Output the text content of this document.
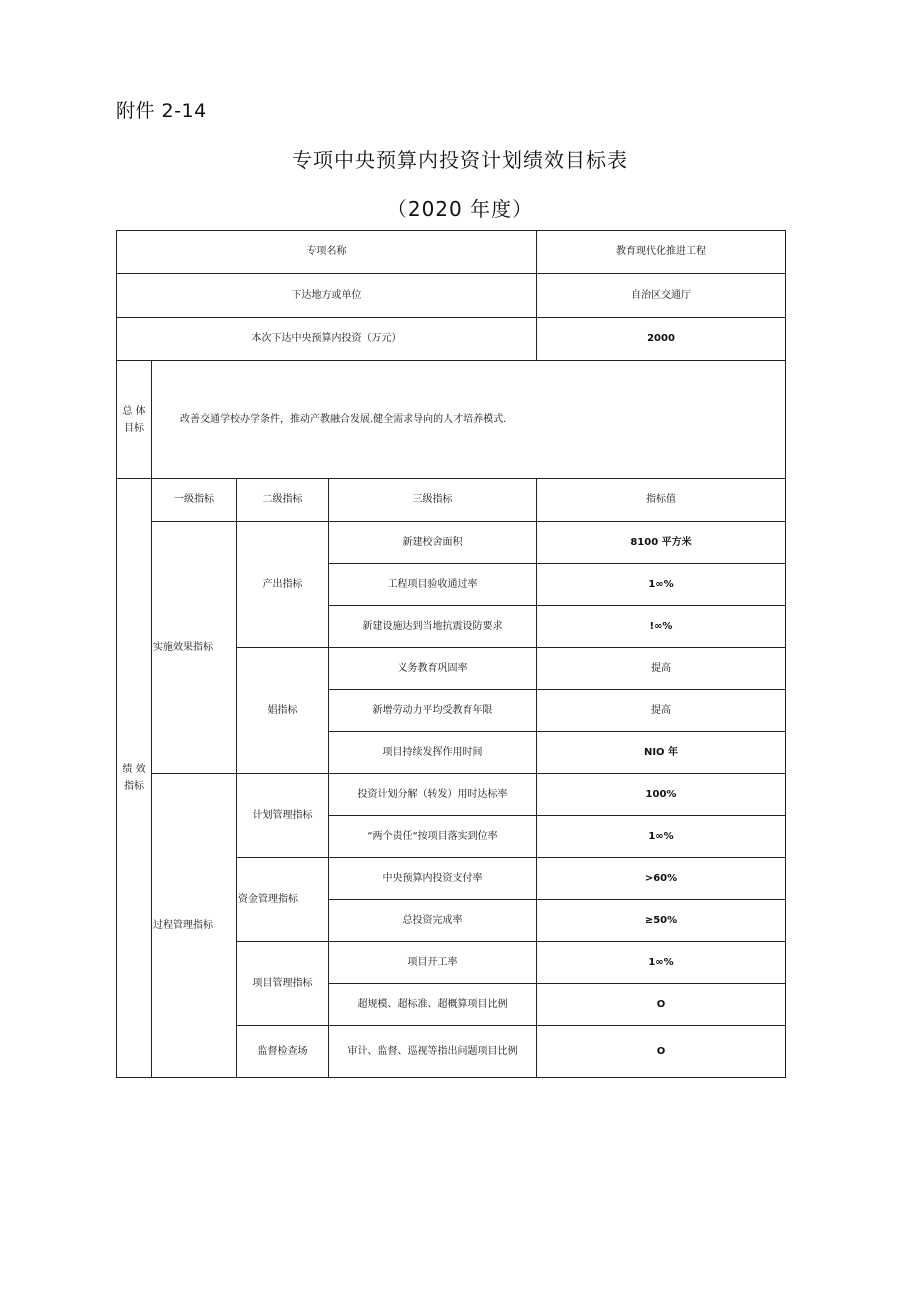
附件 2-14
专项中央预算内投资计划绩效目标表
（2020 年度）
专项名称				教育现代化推进工程
下达地方或单位				自治区交通厅
本次下达中央预算内投资（万元）				2000
总 体
目标	改善交通学校办学条件，推动产教融合发展.健全需求导向的人才培养模式.			
绩 效
指标	一级指标	二级指标	三级指标	指标值
	实施效果指标	产出指标	新建校舍面积	8100 平方米
			工程项目验收通过率	1∞%
			新建设施达到当地抗震设防要求	!∞%
		娼指标	义务教育巩固率	提高
			新增劳动力平均受教育年限	提高
			项目持续发挥作用时间	NIO 年
	过程管理指标	计划管理指标	投资计划分解（转发）用时达标率	100%
			“两个责任“按项目落实到位率	1∞%
		资金管理指标	中央预算内投资支付率	>60%
			总投资完成率	≥50%
		项目管理指标	项目开工率	1∞%
			超规模、超标准、超概算项目比例	O
		监督检查场	审计、监督、巡视等指出问题项目比例	O
